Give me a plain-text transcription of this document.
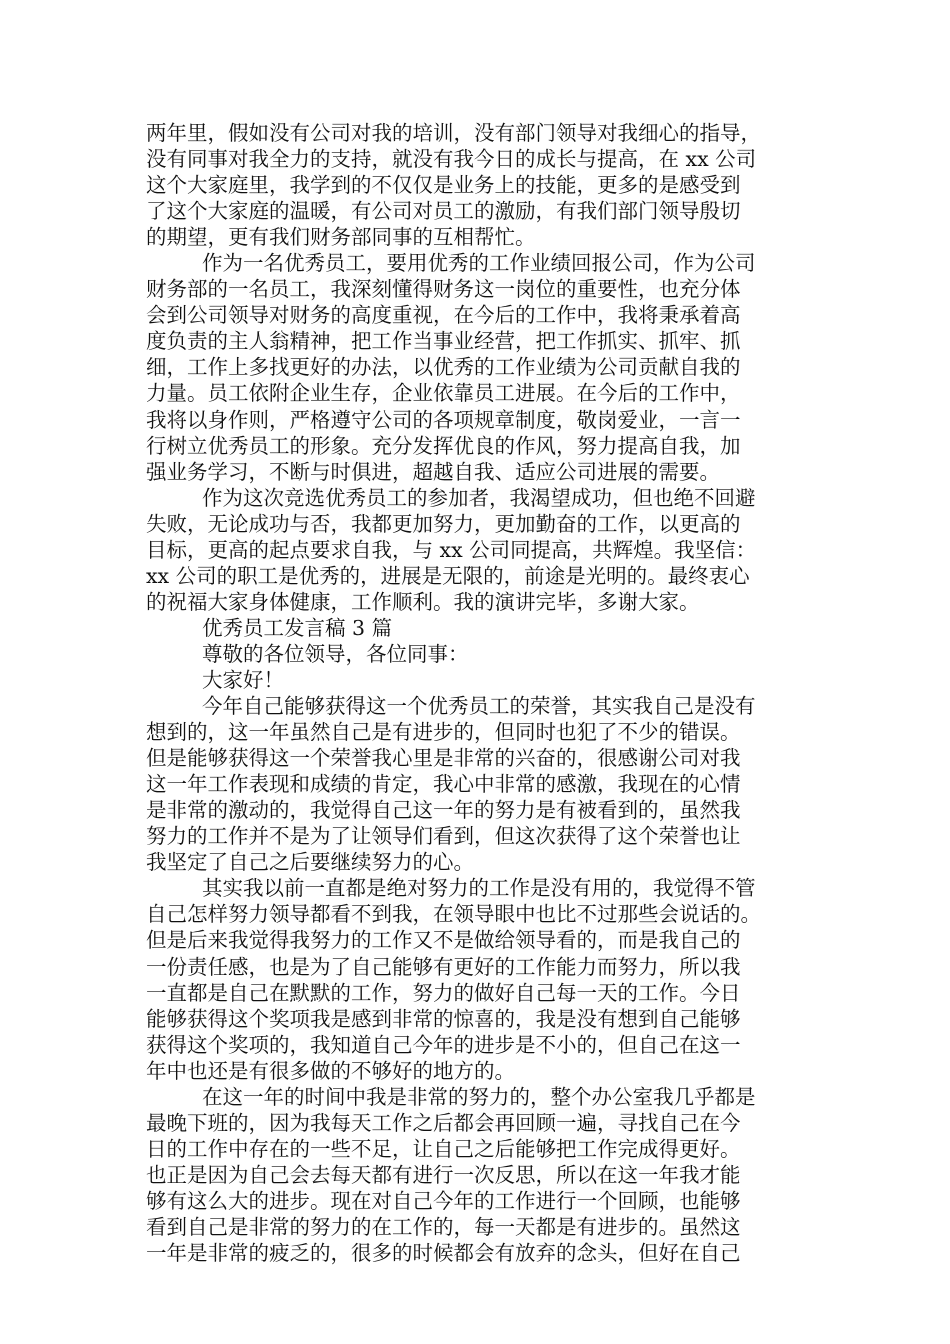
两年里，假如没有公司对我的培训，没有部门领导对我细心的指导，
没有同事对我全力的支持，就没有我今日的成长与提高，在 xx 公司
这个大家庭里，我学到的不仅仅是业务上的技能，更多的是感受到
了这个大家庭的温暖，有公司对员工的激励，有我们部门领导殷切
的期望，更有我们财务部同事的互相帮忙。
作为一名优秀员工，要用优秀的工作业绩回报公司，作为公司
财务部的一名员工，我深刻懂得财务这一岗位的重要性，也充分体
会到公司领导对财务的高度重视，在今后的工作中，我将秉承着高
度负责的主人翁精神，把工作当事业经营，把工作抓实、抓牢、抓
细，工作上多找更好的办法，以优秀的工作业绩为公司贡献自我的
力量。员工依附企业生存，企业依靠员工进展。在今后的工作中，
我将以身作则，严格遵守公司的各项规章制度，敬岗爱业，一言一
行树立优秀员工的形象。充分发挥优良的作风，努力提高自我，加
强业务学习，不断与时俱进，超越自我、适应公司进展的需要。
作为这次竞选优秀员工的参加者，我渴望成功，但也绝不回避
失败，无论成功与否，我都更加努力，更加勤奋的工作，以更高的
目标，更高的起点要求自我，与 xx 公司同提高，共辉煌。我坚信：
xx 公司的职工是优秀的，进展是无限的，前途是光明的。最终衷心
的祝福大家身体健康，工作顺利。我的演讲完毕，多谢大家。
优秀员工发言稿 3 篇
尊敬的各位领导，各位同事：
大家好！
今年自己能够获得这一个优秀员工的荣誉，其实我自己是没有
想到的，这一年虽然自己是有进步的，但同时也犯了不少的错误。
但是能够获得这一个荣誉我心里是非常的兴奋的，很感谢公司对我
这一年工作表现和成绩的肯定，我心中非常的感激，我现在的心情
是非常的激动的，我觉得自己这一年的努力是有被看到的，虽然我
努力的工作并不是为了让领导们看到，但这次获得了这个荣誉也让
我坚定了自己之后要继续努力的心。
其实我以前一直都是绝对努力的工作是没有用的，我觉得不管
自己怎样努力领导都看不到我，在领导眼中也比不过那些会说话的。
但是后来我觉得我努力的工作又不是做给领导看的，而是我自己的
一份责任感，也是为了自己能够有更好的工作能力而努力，所以我
一直都是自己在默默的工作，努力的做好自己每一天的工作。今日
能够获得这个奖项我是感到非常的惊喜的，我是没有想到自己能够
获得这个奖项的，我知道自己今年的进步是不小的，但自己在这一
年中也还是有很多做的不够好的地方的。
在这一年的时间中我是非常的努力的，整个办公室我几乎都是
最晚下班的，因为我每天工作之后都会再回顾一遍，寻找自己在今
日的工作中存在的一些不足，让自己之后能够把工作完成得更好。
也正是因为自己会去每天都有进行一次反思，所以在这一年我才能
够有这么大的进步。现在对自己今年的工作进行一个回顾，也能够
看到自己是非常的努力的在工作的，每一天都是有进步的。虽然这
一年是非常的疲乏的，很多的时候都会有放弃的念头，但好在自己
